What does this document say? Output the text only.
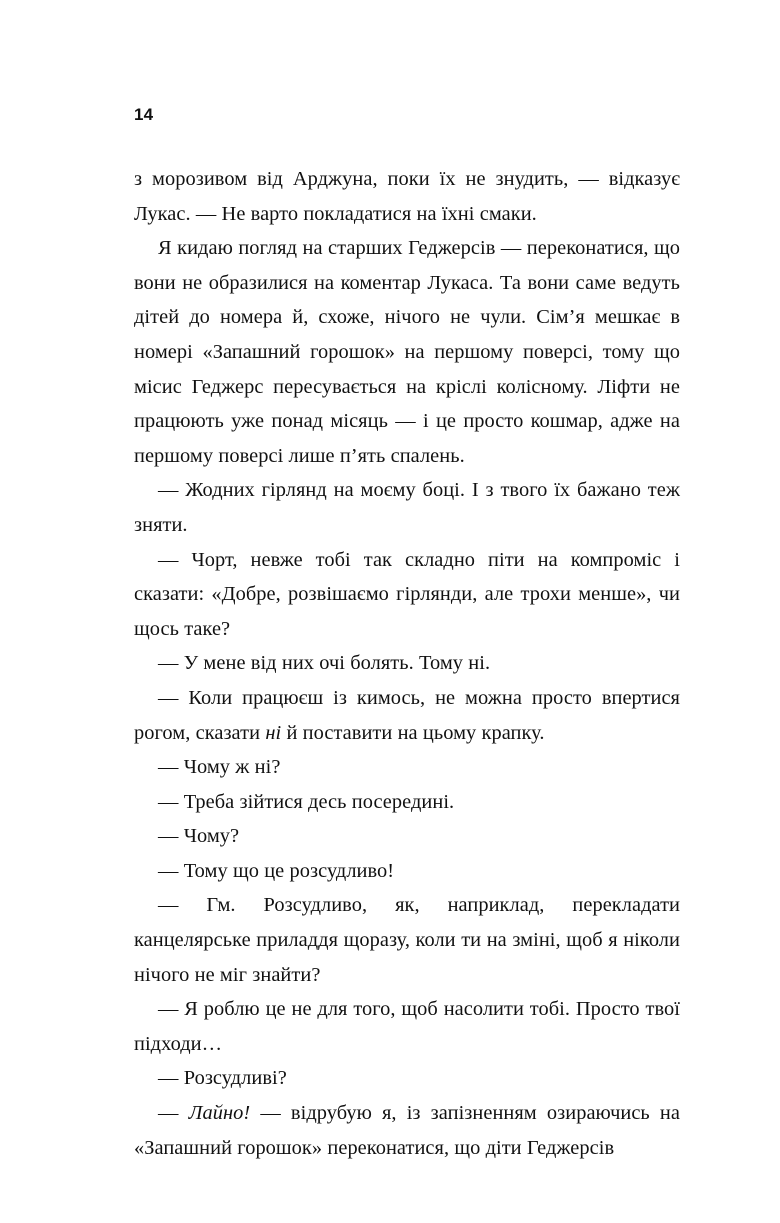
14

з морозивом від Арджуна, поки їх не знудить, — відказує Лукас. — Не варто покладатися на їхні смаки.

Я кидаю погляд на старших Геджерсів — переконатися, що вони не образилися на коментар Лукаса. Та вони саме ведуть дітей до номера й, схоже, нічого не чули. Сім’я мешкає в номері «Запашний горошок» на першому поверсі, тому що місис Геджерс пересувається на кріслі колісному. Ліфти не працюють уже понад місяць — і це просто кошмар, адже на першому поверсі лише п’ять спалень.

— Жодних гірлянд на моєму боці. І з твого їх бажано теж зняти.

— Чорт, невже тобі так складно піти на компроміс і сказати: «Добре, розвішаємо гірлянди, але трохи менше», чи щось таке?

— У мене від них очі болять. Тому ні.

— Коли працюєш із кимось, не можна просто впертися рогом, сказати ні й поставити на цьому крапку.

— Чому ж ні?

— Треба зійтися десь посередині.

— Чому?

— Тому що це розсудливо!

— Гм. Розсудливо, як, наприклад, перекладати канцелярське приладдя щоразу, коли ти на зміні, щоб я ніколи нічого не міг знайти?

— Я роблю це не для того, щоб насолити тобі. Просто твої підходи…

— Розсудливі?

— Лайно! — відрубую я, із запізненням озираючись на «Запашний горошок» переконатися, що діти Геджерсів
